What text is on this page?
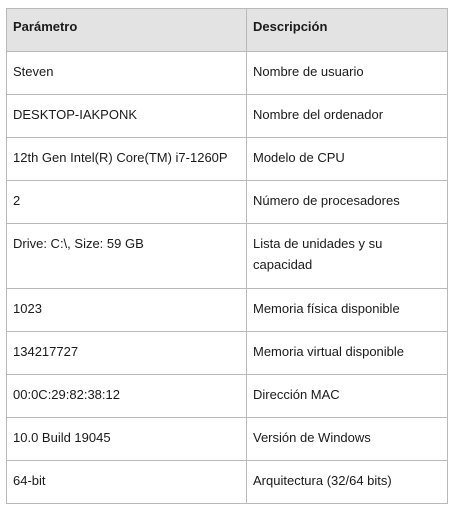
Parámetro	Descripción
Steven	Nombre de usuario
DESKTOP-IAKPONK	Nombre del ordenador
12th Gen Intel(R) Core(TM) i7-1260P	Modelo de CPU
2	Número de procesadores
Drive: C:\, Size: 59 GB	Lista de unidades y su capacidad
1023	Memoria física disponible
134217727	Memoria virtual disponible
00:0C:29:82:38:12	Dirección MAC
10.0 Build 19045	Versión de Windows
64-bit	Arquitectura (32/64 bits)
